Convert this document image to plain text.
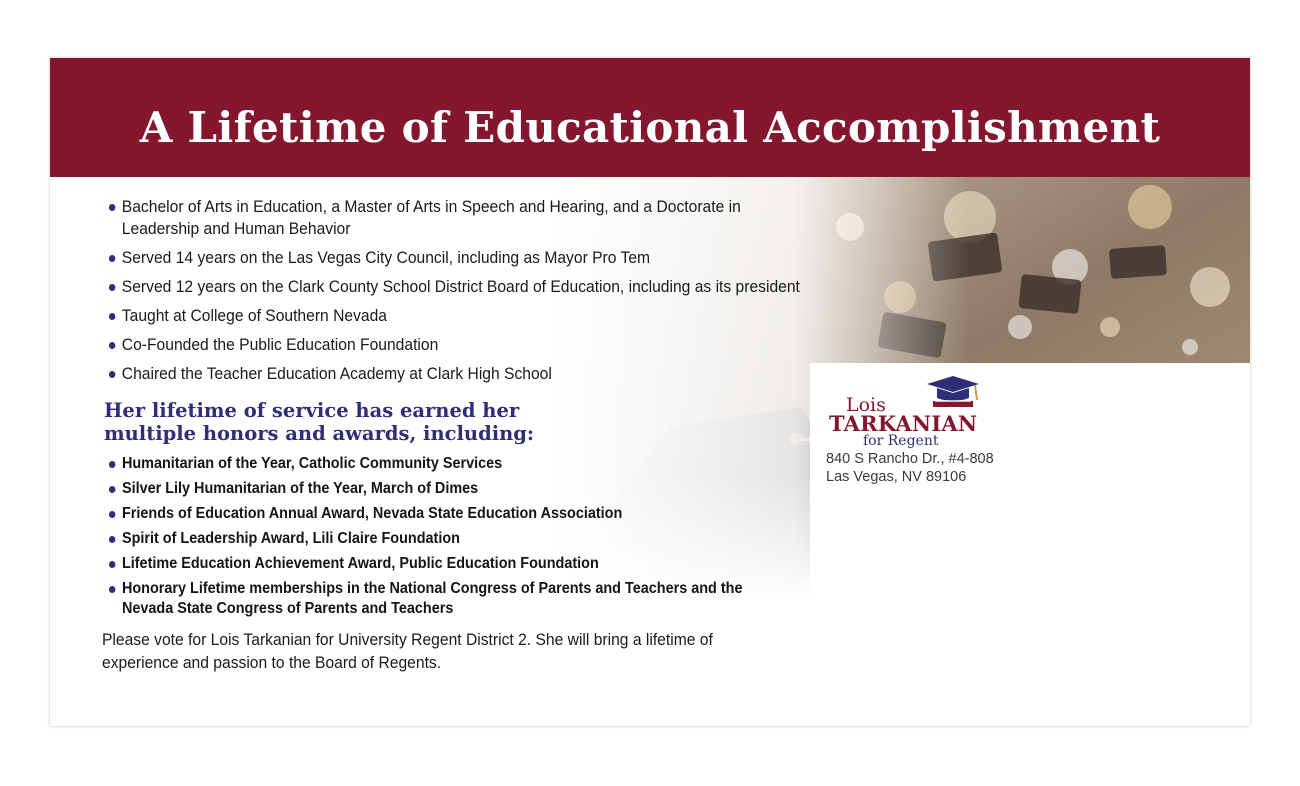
A Lifetime of Educational Accomplishment
Bachelor of Arts in Education, a Master of Arts in Speech and Hearing, and a Doctorate in Leadership and Human Behavior
Served 14 years on the Las Vegas City Council, including as Mayor Pro Tem
Served 12 years on the Clark County School District Board of Education, including as its president
Taught at College of Southern Nevada
Co-Founded the Public Education Foundation
Chaired the Teacher Education Academy at Clark High School
Her lifetime of service has earned her
multiple honors and awards, including:
Humanitarian of the Year, Catholic Community Services
Silver Lily Humanitarian of the Year, March of Dimes
Friends of Education Annual Award, Nevada State Education Association
Spirit of Leadership Award, Lili Claire Foundation
Lifetime Education Achievement Award, Public Education Foundation
Honorary Lifetime memberships in the National Congress of Parents and Teachers and the Nevada State Congress of Parents and Teachers

Please vote for Lois Tarkanian for University Regent District 2. She will bring a lifetime of experience and passion to the Board of Regents.

Lois
TARKANIAN
for Regent
840 S Rancho Dr., #4-808
Las Vegas, NV 89106
